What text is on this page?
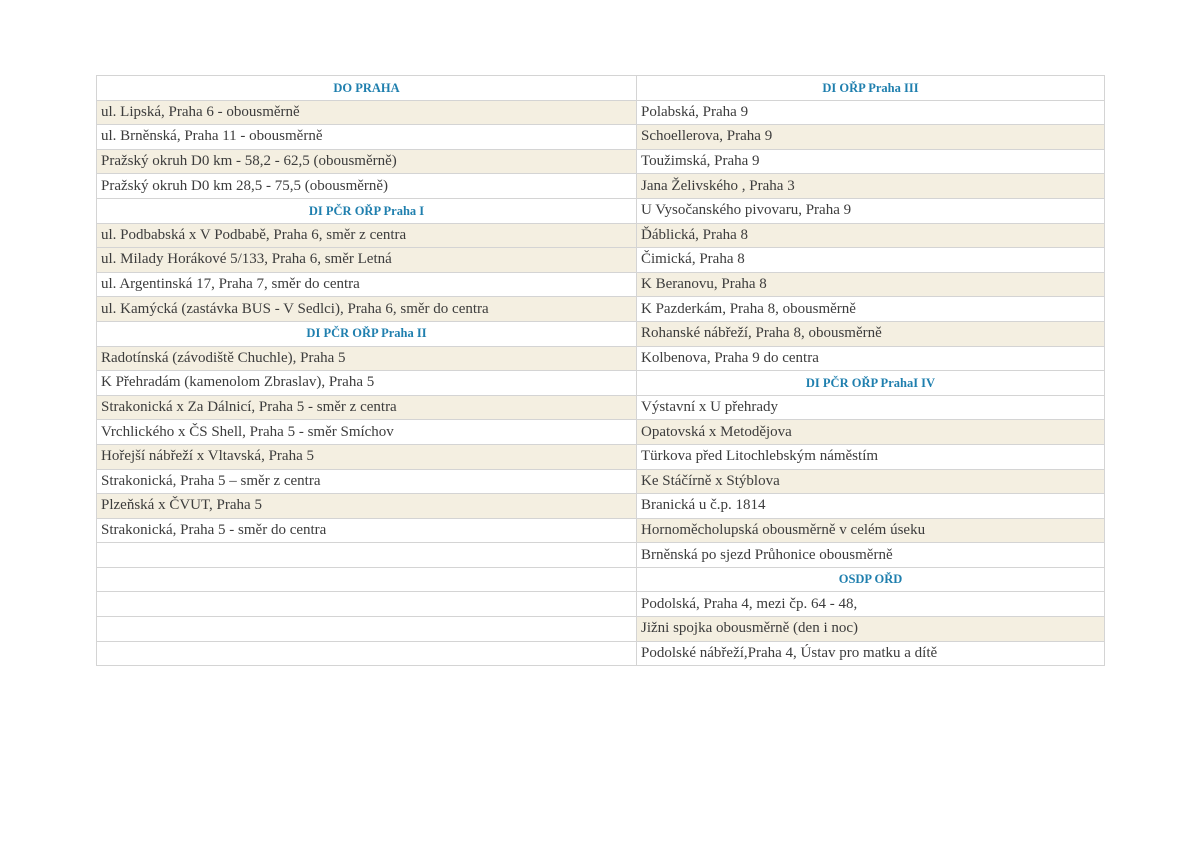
DO PRAHA	DI OŘP Praha III
ul. Lipská, Praha 6 - obousměrně	Polabská, Praha 9
ul. Brněnská, Praha 11 - obousměrně	Schoellerova, Praha 9
Pražský okruh D0 km - 58,2 - 62,5 (obousměrně)	Toužimská, Praha 9
Pražský okruh D0 km 28,5 - 75,5 (obousměrně)	Jana Želivského , Praha 3
DI PČR OŘP Praha I	U Vysočanského pivovaru, Praha 9
ul. Podbabská x V Podbabě, Praha 6, směr z centra	Ďáblická, Praha 8
ul. Milady Horákové 5/133, Praha 6, směr Letná	Čimická, Praha 8
ul. Argentinská 17, Praha 7, směr do centra	K Beranovu, Praha 8
ul. Kamýcká (zastávka BUS - V Sedlci), Praha 6, směr do centra	K Pazderkám, Praha 8, obousměrně
DI PČR OŘP Praha II	Rohanské nábřeží, Praha 8, obousměrně
Radotínská (závodiště Chuchle), Praha 5	Kolbenova, Praha 9 do centra
K Přehradám (kamenolom Zbraslav), Praha 5	DI PČR OŘP PrahaI IV
Strakonická x Za Dálnicí, Praha 5 - směr z centra	Výstavní x U přehrady
Vrchlického x ČS Shell, Praha 5 - směr Smíchov	Opatovská x Metodějova
Hořejší nábřeží x Vltavská, Praha 5	Türkova před Litochlebským náměstím
Strakonická, Praha 5 – směr z centra	Ke Stáčírně x Stýblova
Plzeňská x ČVUT, Praha 5	Branická u č.p. 1814
Strakonická, Praha 5 - směr do centra	Hornoměcholupská obousměrně v celém úseku
	Brněnská po sjezd Průhonice obousměrně
	OSDP OŘD
	Podolská, Praha 4, mezi čp. 64 - 48,
	Jižni spojka obousměrně (den i noc)
	Podolské nábřeží,Praha 4, Ústav pro matku a dítě
